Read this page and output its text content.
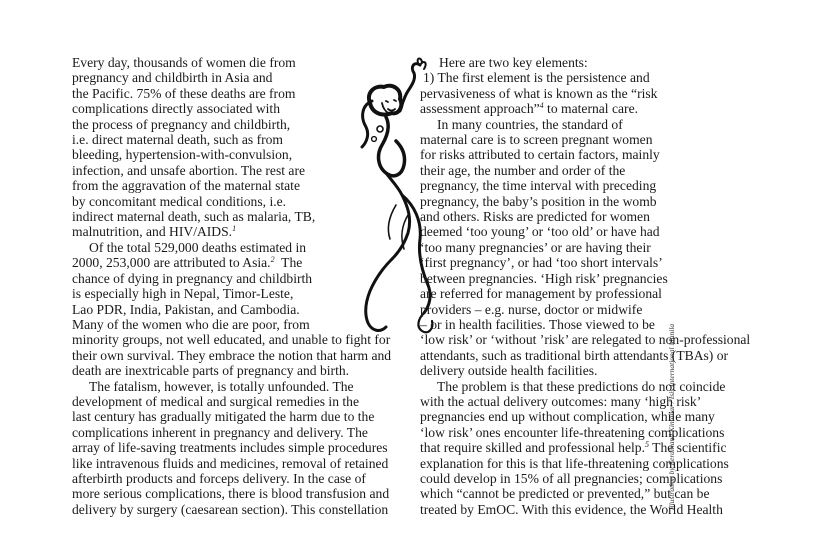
Every day, thousands of women die from
pregnancy and childbirth in Asia and
the Pacific. 75% of these deaths are from
complications directly associated with
the process of pregnancy and childbirth,
i.e. direct maternal death, such as from
bleeding, hypertension-with-convulsion,
infection, and unsafe abortion. The rest are
from the aggravation of the maternal state
by concomitant medical conditions, i.e.
indirect maternal death, such as malaria, TB,
malnutrition, and HIV/AIDS.$^1$
Of the total 529,000 deaths estimated in
2000, 253,000 are attributed to Asia.$^2$ The
chance of dying in pregnancy and childbirth
is especially high in Nepal, Timor-Leste,
Lao PDR, India, Pakistan, and Cambodia.
Many of the women who die are poor, from
minority groups, not well educated, and unable to fight for
their own survival. They embrace the notion that harm and
death are inextricable parts of pregnancy and birth.
The fatalism, however, is totally unfounded. The
development of medical and surgical remedies in the
last century has gradually mitigated the harm due to the
complications inherent in pregnancy and delivery. The
array of life-saving treatments includes simple procedures
like intravenous fluids and medicines, removal of retained
afterbirth products and forceps delivery. In the case of
more serious complications, there is blood transfusion and
delivery by surgery (caesarean section). This constellation	Illustration by Ferdinand Kintanar / Isis International Manila
Here are two key elements:
1) The first element is the persistence and
pervasiveness of what is known as the “risk
assessment approach”$^4$ to maternal care.
In many countries, the standard of
maternal care is to screen pregnant women
for risks attributed to certain factors, mainly
their age, the number and order of the
pregnancy, the time interval with preceding
pregnancy, the baby’s position in the womb
and others. Risks are predicted for women
deemed ‘too young’ or ‘too old’ or have had
‘too many pregnancies’ or are having their
‘first pregnancy’, or had ‘too short intervals’
between pregnancies. ‘High risk’ pregnancies
are referred for management by professional
providers – e.g. nurse, doctor or midwife
– or in health facilities. Those viewed to be
‘low risk’ or ‘without ’risk’ are relegated to non-professional
attendants, such as traditional birth attendants (TBAs) or
delivery outside health facilities.
The problem is that these predictions do not coincide
with the actual delivery outcomes: many ‘high risk’
pregnancies end up without complication, while many
‘low risk’ ones encounter life-threatening complications
that require skilled and professional help.$^5$ The scientific
explanation for this is that life-threatening complications
could develop in 15% of all pregnancies; complications
which “cannot be predicted or prevented,” but can be
treated by EmOC. With this evidence, the World Health
